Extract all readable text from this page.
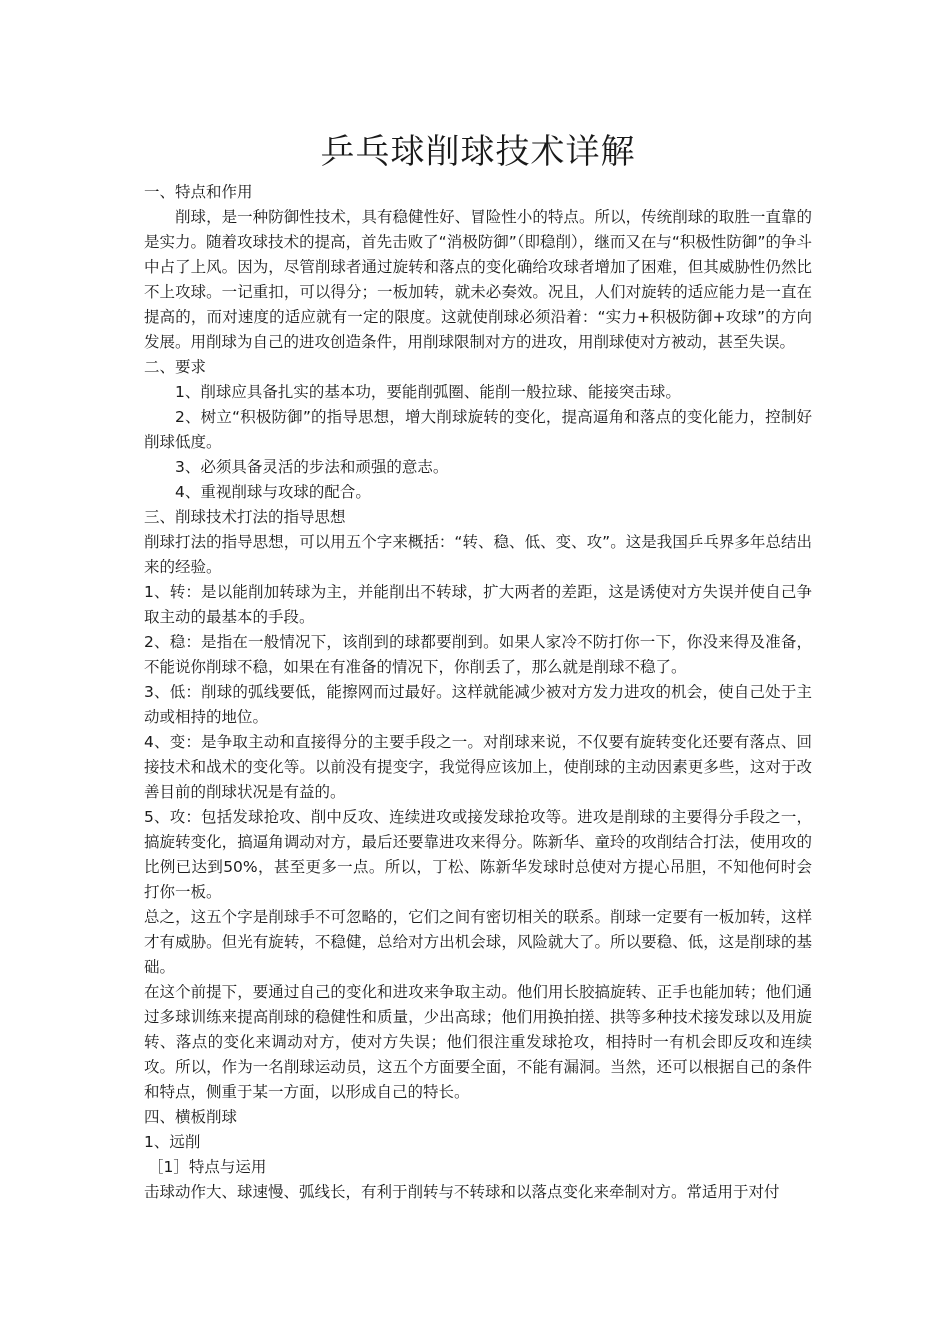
乒乓球削球技术详解

一、特点和作用

削球，是一种防御性技术，具有稳健性好、冒险性小的特点。所以，传统削球的取胜一直靠的是实力。随着攻球技术的提高，首先击败了“消极防御”（即稳削），继而又在与“积极性防御”的争斗中占了上风。因为，尽管削球者通过旋转和落点的变化确给攻球者增加了困难，但其威胁性仍然比不上攻球。一记重扣，可以得分；一板加转，就未必奏效。况且，人们对旋转的适应能力是一直在提高的，而对速度的适应就有一定的限度。这就使削球必须沿着：“实力+积极防御+攻球”的方向发展。用削球为自己的进攻创造条件，用削球限制对方的进攻，用削球使对方被动，甚至失误。

二、要求

1、削球应具备扎实的基本功，要能削弧圈、能削一般拉球、能接突击球。

2、树立“积极防御”的指导思想，增大削球旋转的变化，提高逼角和落点的变化能力，控制好削球低度。

3、必须具备灵活的步法和顽强的意志。

4、重视削球与攻球的配合。

三、削球技术打法的指导思想

削球打法的指导思想，可以用五个字来概括：“转、稳、低、变、攻”。这是我国乒乓界多年总结出来的经验。

1、转：是以能削加转球为主，并能削出不转球，扩大两者的差距，这是诱使对方失误并使自己争取主动的最基本的手段。

2、稳：是指在一般情况下，该削到的球都要削到。如果人家冷不防打你一下，你没来得及准备，不能说你削球不稳，如果在有准备的情况下，你削丢了，那么就是削球不稳了。

3、低：削球的弧线要低，能擦网而过最好。这样就能减少被对方发力进攻的机会，使自己处于主动或相持的地位。

4、变：是争取主动和直接得分的主要手段之一。对削球来说，不仅要有旋转变化还要有落点、回接技术和战术的变化等。以前没有提变字，我觉得应该加上，使削球的主动因素更多些，这对于改善目前的削球状况是有益的。

5、攻：包括发球抢攻、削中反攻、连续进攻或接发球抢攻等。进攻是削球的主要得分手段之一，搞旋转变化，搞逼角调动对方，最后还要靠进攻来得分。陈新华、童玲的攻削结合打法，使用攻的比例已达到50%，甚至更多一点。所以，丁松、陈新华发球时总使对方提心吊胆，不知他何时会打你一板。

总之，这五个字是削球手不可忽略的，它们之间有密切相关的联系。削球一定要有一板加转，这样才有威胁。但光有旋转，不稳健，总给对方出机会球，风险就大了。所以要稳、低，这是削球的基础。

在这个前提下，要通过自己的变化和进攻来争取主动。他们用长胶搞旋转、正手也能加转；他们通过多球训练来提高削球的稳健性和质量，少出高球；他们用换拍搓、拱等多种技术接发球以及用旋转、落点的变化来调动对方，使对方失误；他们很注重发球抢攻，相持时一有机会即反攻和连续攻。所以，作为一名削球运动员，这五个方面要全面，不能有漏洞。当然，还可以根据自己的条件和特点，侧重于某一方面，以形成自己的特长。

四、横板削球

1、远削

［1］特点与运用

击球动作大、球速慢、弧线长，有利于削转与不转球和以落点变化来牵制对方。常适用于对付
